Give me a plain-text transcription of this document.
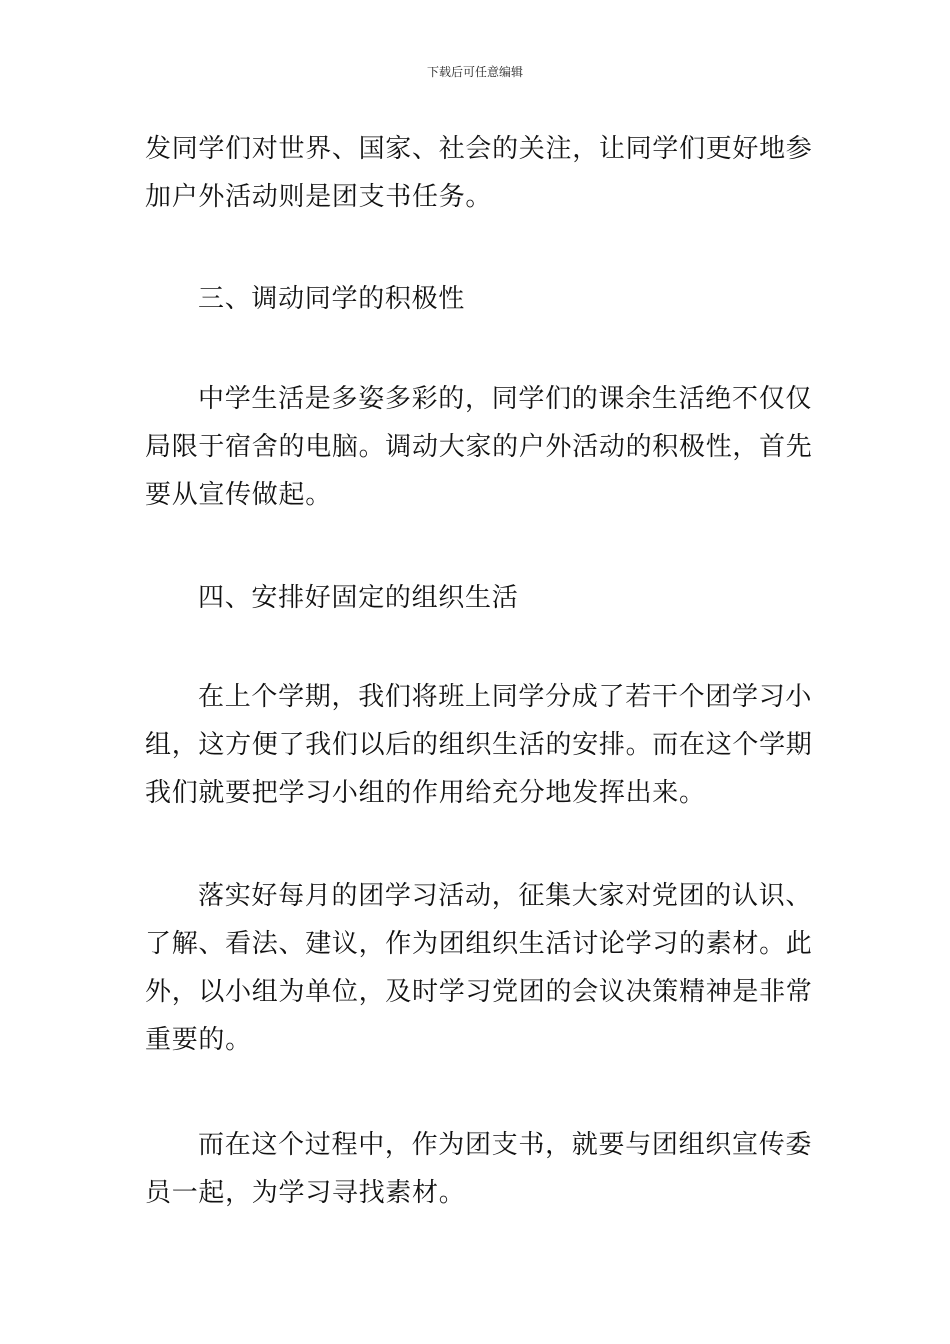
下载后可任意编辑

发同学们对世界、国家、社会的关注，让同学们更好地参
加户外活动则是团支书任务。

三、调动同学的积极性

中学生活是多姿多彩的，同学们的课余生活绝不仅仅
局限于宿舍的电脑。调动大家的户外活动的积极性，首先
要从宣传做起。

四、安排好固定的组织生活

在上个学期，我们将班上同学分成了若干个团学习小
组，这方便了我们以后的组织生活的安排。而在这个学期
我们就要把学习小组的作用给充分地发挥出来。

落实好每月的团学习活动，征集大家对党团的认识、
了解、看法、建议，作为团组织生活讨论学习的素材。此
外，以小组为单位，及时学习党团的会议决策精神是非常
重要的。

而在这个过程中，作为团支书，就要与团组织宣传委
员一起，为学习寻找素材。
